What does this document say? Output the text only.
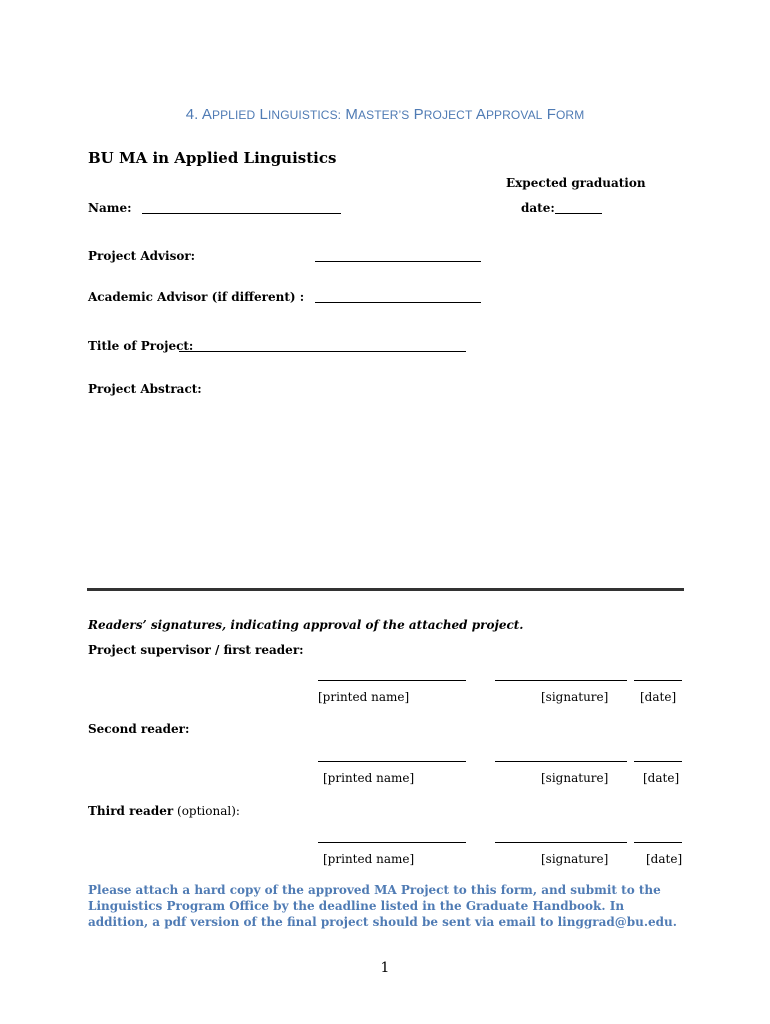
4. APPLIED LINGUISTICS: MASTER’S PROJECT APPROVAL FORM
BU MA in Applied Linguistics
Expected graduation
Name:	date:
Project Advisor:
Academic Advisor (if different) :
Title of Project:
Project Abstract:
Readers’ signatures, indicating approval of the attached project.
Project supervisor / first reader:
[printed name]	[signature]	[date]
Second reader:
[printed name]	[signature]	[date]
Third reader (optional):
[printed name]	[signature]	[date]
Please attach a hard copy of the approved MA Project to this form, and submit to the Linguistics Program Office by the deadline listed in the Graduate Handbook. In addition, a pdf version of the final project should be sent via email to linggrad@bu.edu.
1
